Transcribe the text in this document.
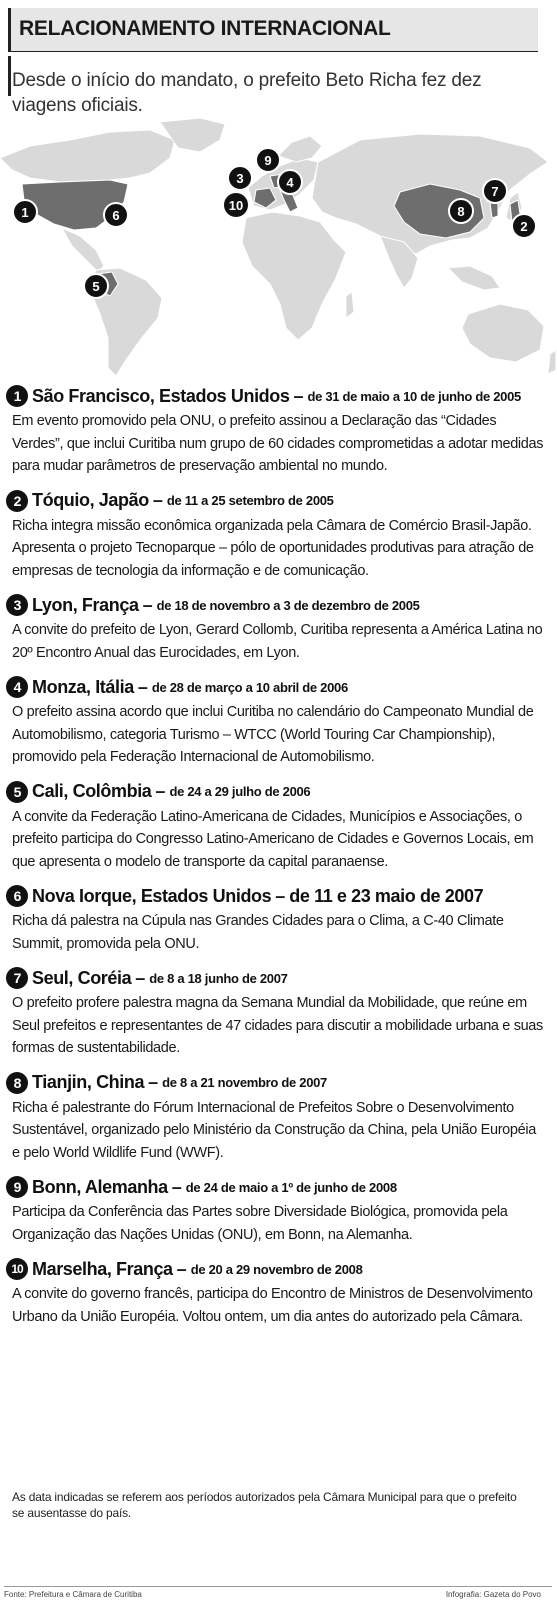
RELACIONAMENTO INTERNACIONAL
Desde o início do mandato, o prefeito Beto Richa fez dez viagens oficiais.
1	6
5
9
3	4
10
7
8
2
1 São Francisco, Estados Unidos – de 31 de maio a 10 de junho de 2005
Em evento promovido pela ONU, o prefeito assinou a Declaração das “Cidades Verdes”, que inclui Curitiba num grupo de 60 cidades comprometidas a adotar medidas para mudar parâmetros de preservação ambiental no mundo.
2 Tóquio, Japão – de 11 a 25 setembro de 2005
Richa integra missão econômica organizada pela Câmara de Comércio Brasil-Japão. Apresenta o projeto Tecnoparque – pólo de oportunidades produtivas para atração de empresas de tecnologia da informação e de comunicação.
3 Lyon, França – de 18 de novembro a 3 de dezembro de 2005
A convite do prefeito de Lyon, Gerard Collomb, Curitiba representa a América Latina no 20º Encontro Anual das Eurocidades, em Lyon.
4 Monza, Itália – de 28 de março a 10 abril de 2006
O prefeito assina acordo que inclui Curitiba no calendário do Campeonato Mundial de Automobilismo, categoria Turismo – WTCC (World Touring Car Championship), promovido pela Federação Internacional de Automobilismo.
5 Cali, Colômbia – de 24 a 29 julho de 2006
A convite da Federação Latino-Americana de Cidades, Municípios e Associações, o prefeito participa do Congresso Latino-Americano de Cidades e Governos Locais, em que apresenta o modelo de transporte da capital paranaense.
6 Nova Iorque, Estados Unidos – de 11 e 23 maio de 2007
Richa dá palestra na Cúpula nas Grandes Cidades para o Clima, a C-40 Climate Summit, promovida pela ONU.
7 Seul, Coréia – de 8 a 18 junho de 2007
O prefeito profere palestra magna da Semana Mundial da Mobilidade, que reúne em Seul prefeitos e representantes de 47 cidades para discutir a mobilidade urbana e suas formas de sustentabilidade.
8 Tianjin, China – de 8 a 21 novembro de 2007
Richa é palestrante do Fórum Internacional de Prefeitos Sobre o Desenvolvimento Sustentável, organizado pelo Ministério da Construção da China, pela União Européia e pelo World Wildlife Fund (WWF).
9 Bonn, Alemanha – de 24 de maio a 1º de junho de 2008
Participa da Conferência das Partes sobre Diversidade Biológica, promovida pela Organização das Nações Unidas (ONU), em Bonn, na Alemanha.
10 Marselha, França – de 20 a 29 novembro de 2008
A convite do governo francês, participa do Encontro de Ministros de Desenvolvimento Urbano da União Européia. Voltou ontem, um dia antes do autorizado pela Câmara.
As data indicadas se referem aos períodos autorizados pela Câmara Municipal para que o prefeito se ausentasse do país.
Fonte: Prefeitura e Câmara de Curitiba	Infografia: Gazeta do Povo
